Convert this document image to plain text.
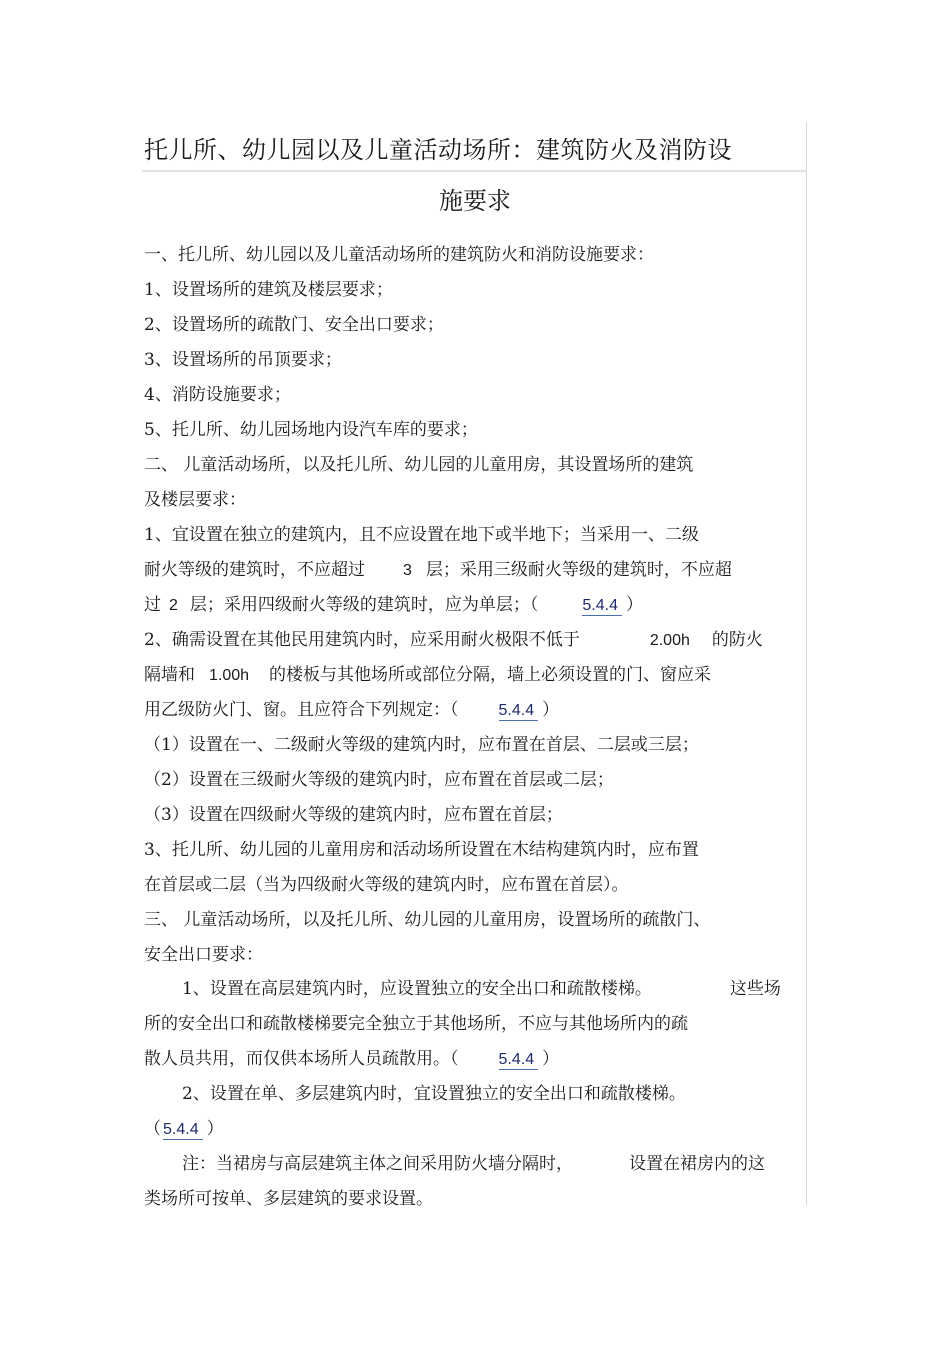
托儿所、幼儿园以及儿童活动场所：建筑防火及消防设
施要求
一、托儿所、幼儿园以及儿童活动场所的建筑防火和消防设施要求：
1、设置场所的建筑及楼层要求；
2、设置场所的疏散门、安全出口要求；
3、设置场所的吊顶要求；
4、消防设施要求；
5、托儿所、幼儿园场地内设汽车库的要求；
二、 儿童活动场所，以及托儿所、幼儿园的儿童用房，其设置场所的建筑
及楼层要求：
1、宜设置在独立的建筑内，且不应设置在地下或半地下；当采用一、二级
耐火等级的建筑时，不应超过 3 层；采用三级耐火等级的建筑时，不应超
过 2 层；采用四级耐火等级的建筑时，应为单层；（	5.4.4 ）
2、确需设置在其他民用建筑内时，应采用耐火极限不低于	2.00h 的防火
隔墙和 1.00h 的楼板与其他场所或部位分隔，墙上必须设置的门、窗应采
用乙级防火门、窗。且应符合下列规定：（	5.4.4 ）
（1）设置在一、二级耐火等级的建筑内时，应布置在首层、二层或三层；
（2）设置在三级耐火等级的建筑内时，应布置在首层或二层；
（3）设置在四级耐火等级的建筑内时，应布置在首层；
3、托儿所、幼儿园的儿童用房和活动场所设置在木结构建筑内时，应布置
在首层或二层（当为四级耐火等级的建筑内时，应布置在首层）。
三、 儿童活动场所，以及托儿所、幼儿园的儿童用房，设置场所的疏散门、
安全出口要求：
1、设置在高层建筑内时，应设置独立的安全出口和疏散楼梯。	这些场
所的安全出口和疏散楼梯要完全独立于其他场所，不应与其他场所内的疏
散人员共用，而仅供本场所人员疏散用。（	5.4.4 ）
2、设置在单、多层建筑内时，宜设置独立的安全出口和疏散楼梯。
（ 5.4.4 ）
注：当裙房与高层建筑主体之间采用防火墙分隔时，	设置在裙房内的这
类场所可按单、多层建筑的要求设置。
